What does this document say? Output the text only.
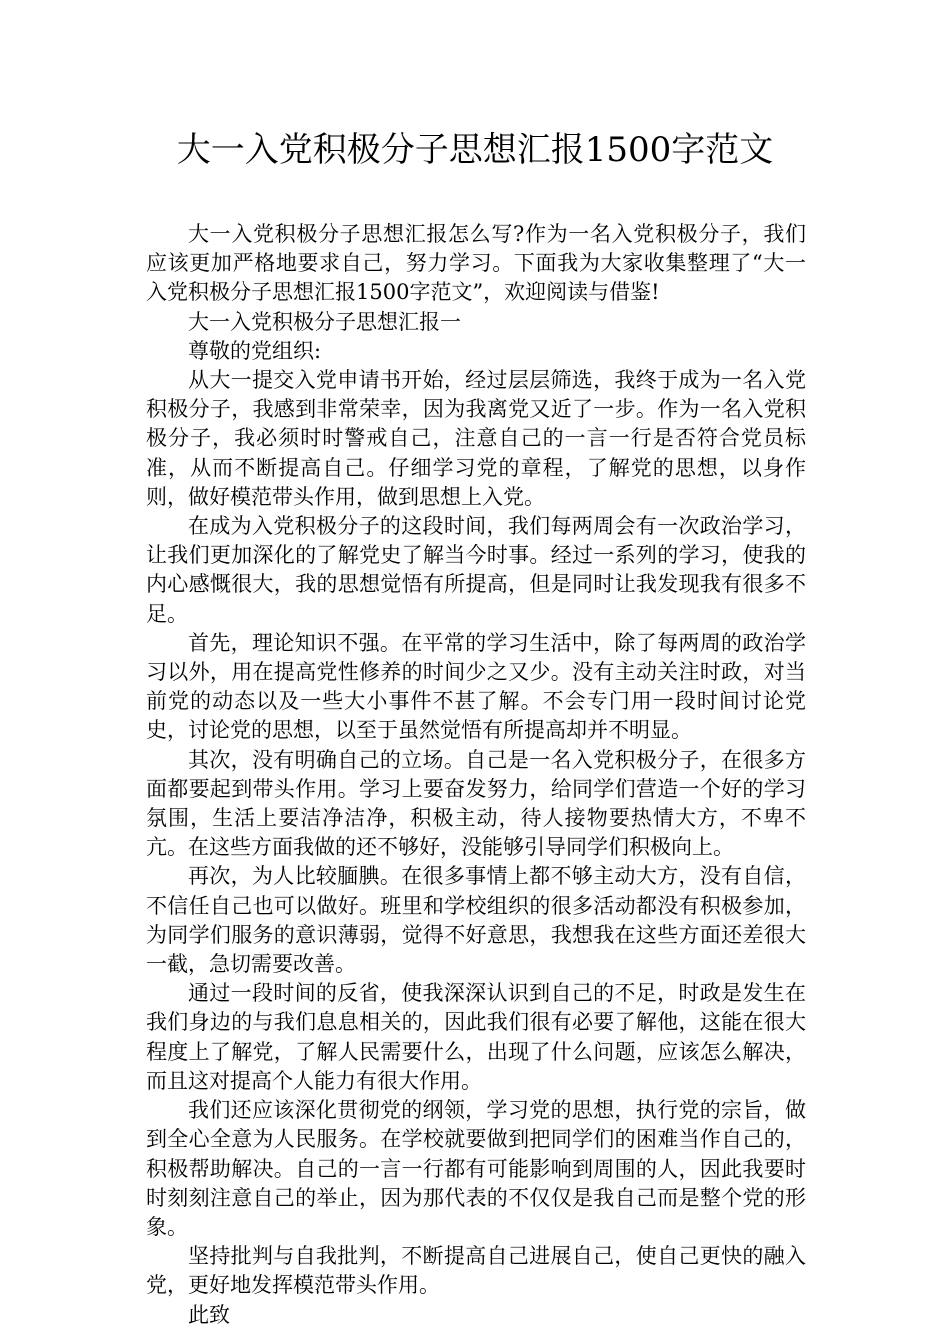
大一入党积极分子思想汇报1500字范文

大一入党积极分子思想汇报怎么写?作为一名入党积极分子，我们应该更加严格地要求自己，努力学习。下面我为大家收集整理了“大一入党积极分子思想汇报1500字范文”，欢迎阅读与借鉴!

大一入党积极分子思想汇报一

尊敬的党组织:

从大一提交入党申请书开始，经过层层筛选，我终于成为一名入党积极分子，我感到非常荣幸，因为我离党又近了一步。作为一名入党积极分子，我必须时时警戒自己，注意自己的一言一行是否符合党员标准，从而不断提高自己。仔细学习党的章程，了解党的思想，以身作则，做好模范带头作用，做到思想上入党。

在成为入党积极分子的这段时间，我们每两周会有一次政治学习，让我们更加深化的了解党史了解当今时事。经过一系列的学习，使我的内心感慨很大，我的思想觉悟有所提高，但是同时让我发现我有很多不足。

首先，理论知识不强。在平常的学习生活中，除了每两周的政治学习以外，用在提高党性修养的时间少之又少。没有主动关注时政，对当前党的动态以及一些大小事件不甚了解。不会专门用一段时间讨论党史，讨论党的思想，以至于虽然觉悟有所提高却并不明显。

其次，没有明确自己的立场。自己是一名入党积极分子，在很多方面都要起到带头作用。学习上要奋发努力，给同学们营造一个好的学习氛围，生活上要洁净洁净，积极主动，待人接物要热情大方，不卑不亢。在这些方面我做的还不够好，没能够引导同学们积极向上。

再次，为人比较腼腆。在很多事情上都不够主动大方，没有自信，不信任自己也可以做好。班里和学校组织的很多活动都没有积极参加，为同学们服务的意识薄弱，觉得不好意思，我想我在这些方面还差很大一截，急切需要改善。

通过一段时间的反省，使我深深认识到自己的不足，时政是发生在我们身边的与我们息息相关的，因此我们很有必要了解他，这能在很大程度上了解党，了解人民需要什么，出现了什么问题，应该怎么解决，而且这对提高个人能力有很大作用。

我们还应该深化贯彻党的纲领，学习党的思想，执行党的宗旨，做到全心全意为人民服务。在学校就要做到把同学们的困难当作自己的，积极帮助解决。自己的一言一行都有可能影响到周围的人，因此我要时时刻刻注意自己的举止，因为那代表的不仅仅是我自己而是整个党的形象。

坚持批判与自我批判，不断提高自己进展自己，使自己更快的融入党，更好地发挥模范带头作用。

此致
